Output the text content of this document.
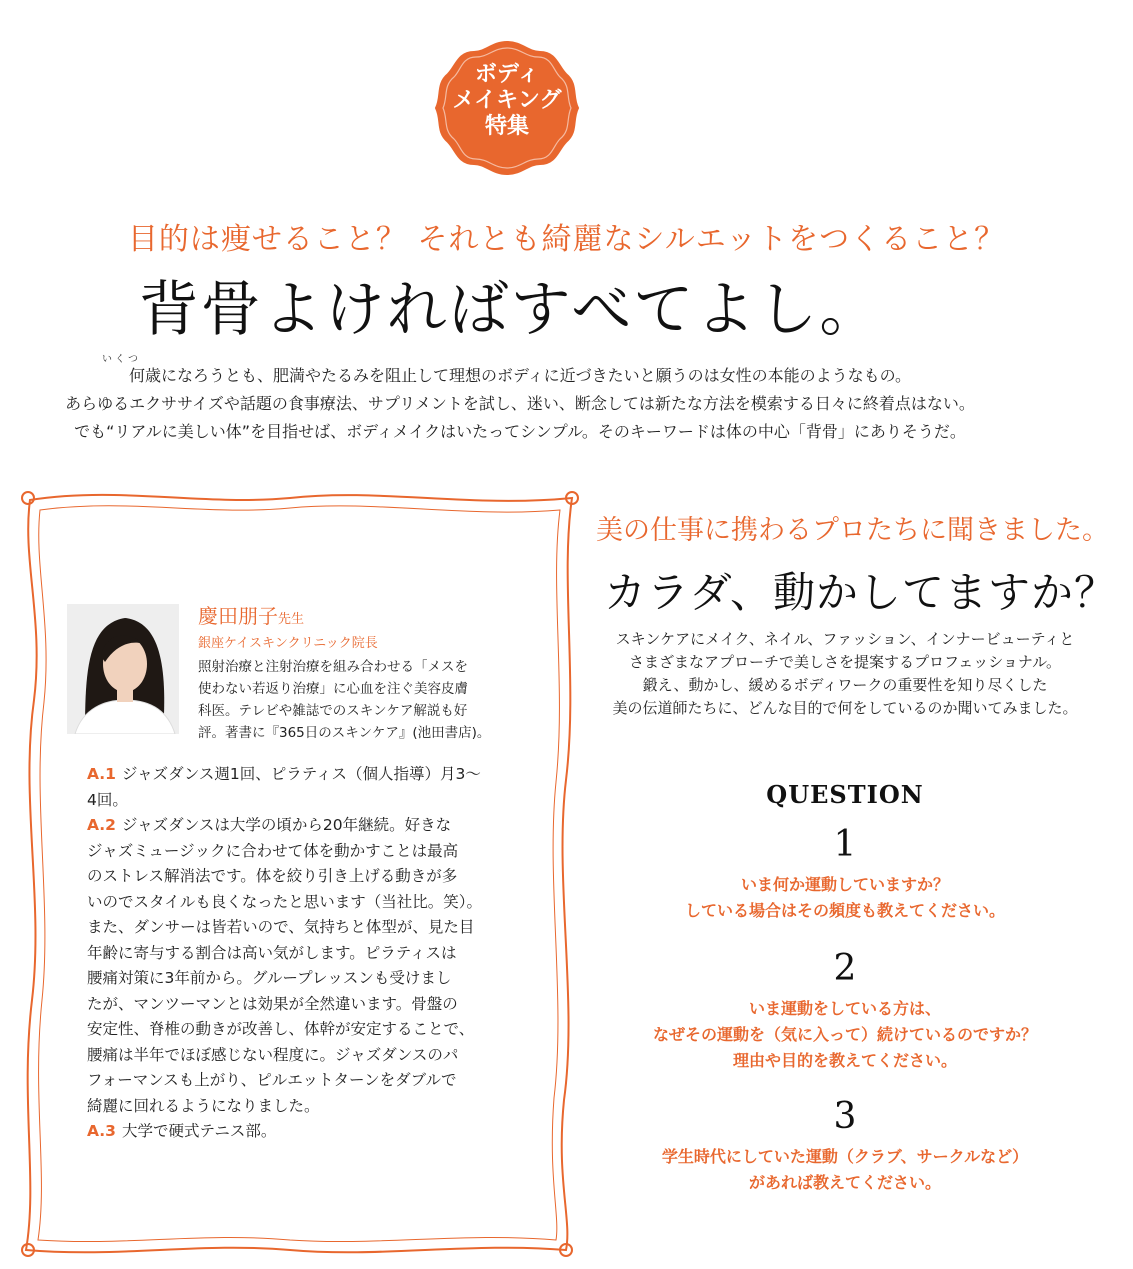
ボディ
メイキング
特集
目的は痩せること？ それとも綺麗なシルエットをつくること？
背骨よければすべてよし。
いくつ
何歳になろうとも、肥満やたるみを阻止して理想のボディに近づきたいと願うのは女性の本能のようなもの。
あらゆるエクササイズや話題の食事療法、サプリメントを試し、迷い、断念しては新たな方法を模索する日々に終着点はない。
でも“リアルに美しい体”を目指せば、ボディメイクはいたってシンプル。そのキーワードは体の中心「背骨」にありそうだ。
慶田朋子先生
銀座ケイスキンクリニック院長
照射治療と注射治療を組み合わせる「メスを
使わない若返り治療」に心血を注ぐ美容皮膚
科医。テレビや雑誌でのスキンケア解説も好
評。著書に『365日のスキンケア』(池田書店)。
A.1 ジャズダンス週1回、ピラティス（個人指導）月3〜
4回。
A.2 ジャズダンスは大学の頃から20年継続。好きな
ジャズミュージックに合わせて体を動かすことは最高
のストレス解消法です。体を絞り引き上げる動きが多
いのでスタイルも良くなったと思います（当社比。笑）。
また、ダンサーは皆若いので、気持ちと体型が、見た目
年齢に寄与する割合は高い気がします。ピラティスは
腰痛対策に3年前から。グループレッスンも受けまし
たが、マンツーマンとは効果が全然違います。骨盤の
安定性、脊椎の動きが改善し、体幹が安定することで、
腰痛は半年でほぼ感じない程度に。ジャズダンスのパ
フォーマンスも上がり、ピルエットターンをダブルで
綺麗に回れるようになりました。
A.3 大学で硬式テニス部。
美の仕事に携わるプロたちに聞きました。
カラダ、動かしてますか？
スキンケアにメイク、ネイル、ファッション、インナービューティと
さまざまなアプローチで美しさを提案するプロフェッショナル。
鍛え、動かし、緩めるボディワークの重要性を知り尽くした
美の伝道師たちに、どんな目的で何をしているのか聞いてみました。
QUESTION
1
いま何か運動していますか？
している場合はその頻度も教えてください。
2
いま運動をしている方は、
なぜその運動を（気に入って）続けているのですか？
理由や目的を教えてください。
3
学生時代にしていた運動（クラブ、サークルなど）
があれば教えてください。
